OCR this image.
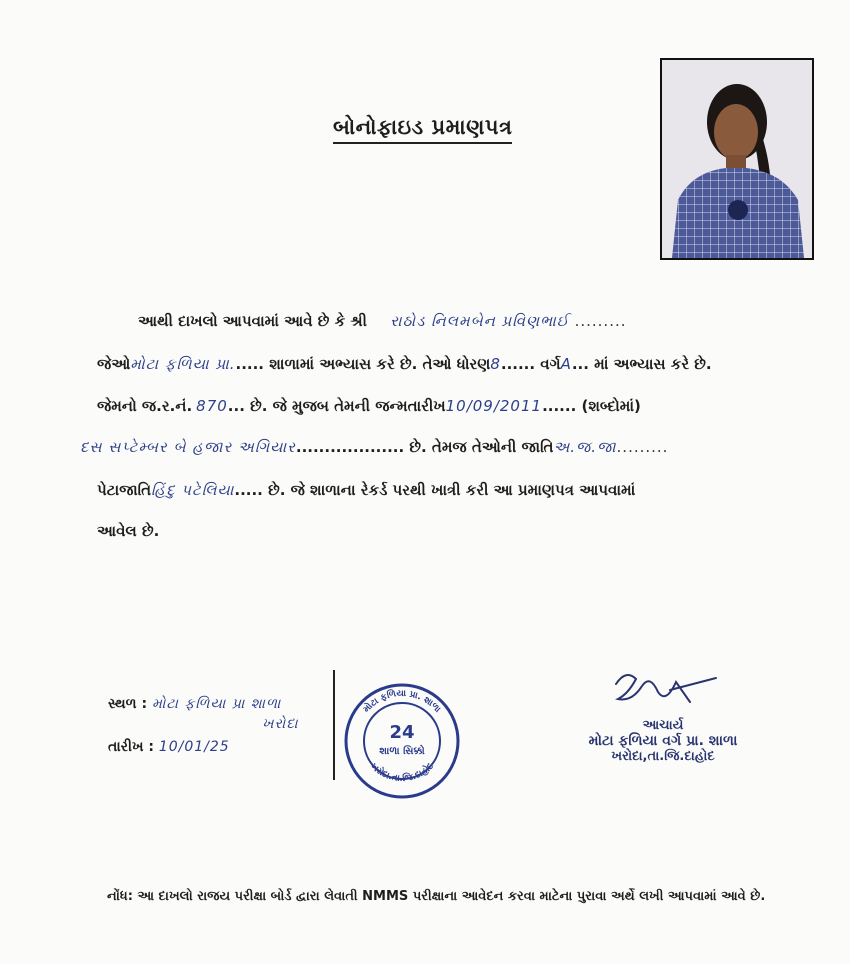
બોનોફાઇડ પ્રમાણપત્ર
આથી દાખલો આપવામાં આવે છે કે શ્રી રાઠોડ નિલમબેન પ્રવિણભાઈ .........
જેઓમોટા ફળિયા પ્રા...... શાળામાં અભ્યાસ કરે છે. તેઓ ધોરણ8...... વર્ગA... માં અભ્યાસ કરે છે.
જેમનો જ.ર.નં. 870... છે. જે મુજબ તેમની જન્મતારીખ10/09/2011...... (શબ્દોમાં)
દસ સપ્ટેમ્બર બે હજાર અગિયાર................... છે. તેમજ તેઓની જાતિઅ.જ.જા.........
પેટાજાતિહિંદુ પટેલિયા..... છે. જે શાળાના રેકર્ડ પરથી ખાત્રી કરી આ પ્રમાણપત્ર આપવામાં
આવેલ છે.
સ્થળ : મોટા ફળિયા પ્રા શાળા
ખરોદા
તારીખ : 10/01/25
મોટા ફળિયા પ્રા. શાળા
ખરોદા.તા.જિ.દાહોદ
24
શાળા સિક્કો
આચાર્ય
મોટા ફળિયા વર્ગ પ્રા. શાળા
ખરોદા,તા.જિ.દાહોદ
નોંધ: આ દાખલો રાજય પરીક્ષા બોર્ડ દ્વારા લેવાતી NMMS પરીક્ષાના આવેદન કરવા માટેના પુરાવા અર્થે લખી આપવામાં આવે છે.
